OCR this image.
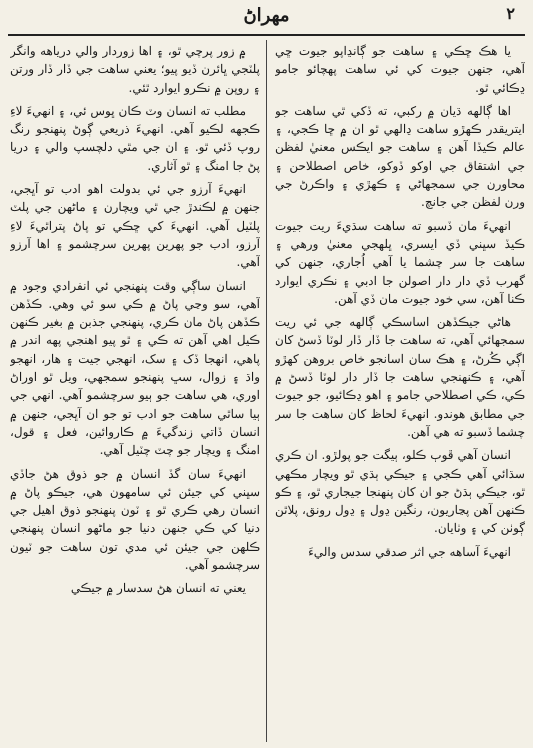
مهراڻ	٢

يا ھڪ ڇڪي ۽ ساهت جو ڳانڍاپو جيوت ڇي آهي، جنهن جيوت کي ئي ساهت پهچائو جامو ڍڪائي ٿو.

اها ڳالهه ڌيان ۾ رکبي، ته ڏکي ٿي ساهت جو ايتريقدر ڪهڙو ساهت ڍالهي ٿو ان ۾ ڇا ڪجي، ۽ عالم ڪيڏا آهن ۽ ساهت جو ايڪس معنيٰ لفظن جي اشتقاق جي اوکو ڏوکو، خاص اصطلاحن ۽ محاورن جي سمجهاڻي ۽ ڪهڙي ۽ واڪرڻ جي ورن لفظن جي جانچ.

انهيءَ مان ڏسبو ته ساهت سڌيءَ ريت جيوت ڪيڏ سڀني ڏي ايسري، ڀلهجي معنيٰ ورهي ۽ ساهت جا سر چشما يا آهي اُجاري، جنهن کي گهرب ڏي دار دار اصولن جا ادبي ۽ نڪري ايوارد ڪنا آهن، سي خود جيوت مان ڏي آهن.

هاڻي جيڪڏهن اساسڪي ڳالهه جي ئي ريت سمجهائي آهي، ته ساهت جا ڏار ڏار لوٽا ڏسڻ کان اڳي ڪُرڻ، ۽ هڪ سان اسانجو خاص بروهن کهڙو آهي، ۽ ڪنهنجي ساهت جا ڏار دار لوٽا ڏسڻ ۾ ڪي، ڪي اصطلاحي جامو ۽ اهو ڍڪائيو، جو جيوت جي مطابق هوندو. انهيءَ لحاظ کان ساهت جا سر چشما ڏسبو ته هي آهن.

انسان آهي ڦوٻ ڪلو، ٻيگت جو پولڙو. ان ڪري سڌائي آهي ڪجي ۽ جيڪي ٻڌي ٿو ويچار مڪهي ٿو، جيڪي ٻڌڻ جو ان کان پنهنجا جيجاري ٿو، ۽ ڪو ڪنهن آهن پڃاريون، رنگين ڍول ۽ ڍول رونق، پلاٿن ڳوٺن کي ۽ وٺايان.

انهيءَ آساهه جي اثر صدقي سدس واليءَ

۾ زور پرچي ٿو، ۽ اها زوردار والي درياهه وانگر پلٽجي ڀائرن ڏيو پيو؛ يعني ساهت جي ڏار ڏار ورتن ۽ روپن ۾ نڪرو ايوارد ٿئي.

مطلب ته انسان وٽ ڪان ڀوس ئي، ۽ انهيءَ لاءِ ڪجهه لڪيو آهي. انهيءَ ذريعي ڳوڻ پنهنجو رنگ روپ ڏئي ٿو. ۽ ان جي مٿي دلچسپ والي ۽ دريا پڻ جا امنگ ۽ ٿو آثاري.

انهيءَ آرزو جي ئي بدولت اهو ادب تو آڀجي، جنهن ۾ لڪندڙ جي ٿي ويچارن ۽ ماڻهن جي پلٽ پلٽيل آهي. انهيءَ کي ڇڪي تو پاڻ پتراٿيءَ لاءِ آرزو، ادب جو پهرين پهرين سرچشمو ۽ اها آرزو آهي.

انسان ساڳي وقت پنهنجي ئي انفرادي وجود ۾ آهي، سو وڃي پاڻ ۾ ڪي سو ئي وهي. ڪڏهن ڪڏهن پاڻ مان ڪري، پنهنجي جذبن ۾ بغير ڪنهن ڪيل اهي آهن ته ڪي ۽ ٿو پيو اهنجي پهه اندر ۾ پاهي، انهجا ڏک ۽ سک، انهجي جيت ۽ هار، انهجو واڌ ۽ زوال، سڀ پنهنجو سمجهي، ويل ٿو اوراڻ اوري، هي ساهت جو ٻيو سرچشمو آهي. انهي جي ٻيا ساٿي ساهت جو ادب تو جو ان آڀجي، جنهن ۾ انسان ڏاتي زندگيءَ ۾ ڪاروائين، فعل ۽ قول، امنگ ۽ ويچار جو چٽ چٽيل آهي.

انهيءَ سان گڏ انسان ۾ جو ذوق هڻ جاڏي سڀني کي جيئن ئي سامهون هي، جيڪو پاڻ ۾ انسان رهي ڪري ٿو ۽ ٽون پنهنجو ذوق اهيل جي دنيا کي ڪي جنهن دنيا جو ماڻهو انسان پنهنجي ڪلهن جي جيئن ئي مدي تون ساهت جو ٽيون سرچشمو آهي.

يعني ته انسان هڻ سدسار ۾ جيڪي
